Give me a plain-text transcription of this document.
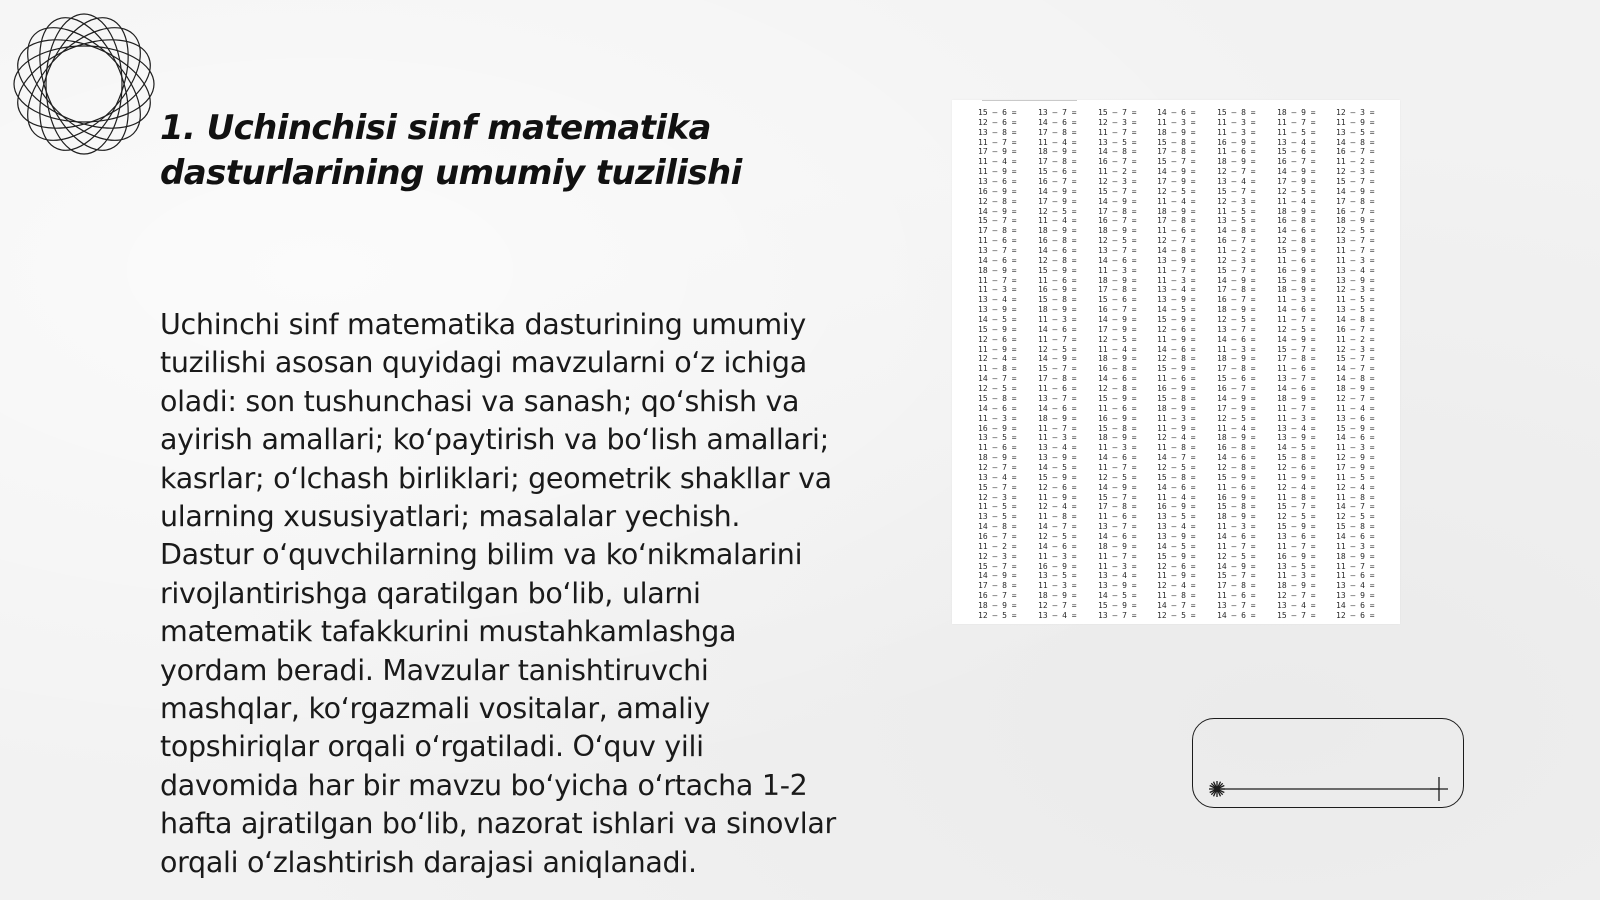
1. Uchinchisi sinf matematika dasturlarining umumiy tuzilishi

Uchinchi sinf matematika dasturining umumiy tuzilishi asosan quyidagi mavzularni oʻz ichiga oladi: son tushunchasi va sanash; qoʻshish va ayirish amallari; koʻpaytirish va boʻlish amallari; kasrlar; oʻlchash birliklari; geometrik shakllar va ularning xususiyatlari; masalalar yechish. Dastur oʻquvchilarning bilim va koʻnikmalarini rivojlantirishga qaratilgan boʻlib, ularni matematik tafakkurini mustahkamlashga yordam beradi. Mavzular tanishtiruvchi mashqlar, koʻrgazmali vositalar, amaliy topshiriqlar orqali oʻrgatiladi. Oʻquv yili davomida har bir mavzu boʻyicha oʻrtacha 1-2 hafta ajratilgan boʻlib, nazorat ishlari va sinovlar orqali oʻzlashtirish darajasi aniqlanadi.

15 – 6 =
12 – 6 =
13 – 8 =
11 – 7 =
17 – 9 =
11 – 4 =
11 – 9 =
13 – 6 =
16 – 9 =
12 – 8 =
14 – 9 =
15 – 7 =
17 – 8 =
11 – 6 =
13 – 7 =
14 – 6 =
18 – 9 =
11 – 7 =
11 – 3 =
13 – 4 =
13 – 9 =
14 – 5 =
15 – 9 =
12 – 6 =
11 – 9 =
12 – 4 =
11 – 8 =
14 – 7 =
12 – 5 =
15 – 8 =
14 – 6 =
11 – 3 =
16 – 9 =
13 – 5 =
11 – 6 =
18 – 9 =
12 – 7 =
13 – 4 =
15 – 7 =
12 – 3 =
11 – 5 =
13 – 5 =
14 – 8 =
16 – 7 =
11 – 2 =
12 – 3 =
15 – 7 =
14 – 9 =
17 – 8 =
16 – 7 =
18 – 9 =
12 – 5 =
13 – 7 =
14 – 6 =
17 – 8 =
11 – 4 =
18 – 9 =
17 – 8 =
15 – 6 =
16 – 7 =
14 – 9 =
17 – 9 =
12 – 5 =
11 – 4 =
18 – 9 =
16 – 8 =
14 – 6 =
12 – 8 =
15 – 9 =
11 – 6 =
16 – 9 =
15 – 8 =
18 – 9 =
11 – 3 =
14 – 6 =
11 – 7 =
12 – 5 =
14 – 9 =
15 – 7 =
17 – 8 =
11 – 6 =
13 – 7 =
14 – 6 =
18 – 9 =
11 – 7 =
11 – 3 =
13 – 4 =
13 – 9 =
14 – 5 =
15 – 9 =
12 – 6 =
11 – 9 =
12 – 4 =
11 – 8 =
14 – 7 =
12 – 5 =
14 – 6 =
11 – 3 =
16 – 9 =
13 – 5 =
11 – 3 =
18 – 9 =
12 – 7 =
13 – 4 =
15 – 7 =
12 – 3 =
11 – 7 =
13 – 5 =
14 – 8 =
16 – 7 =
11 – 2 =
12 – 3 =
15 – 7 =
14 – 9 =
17 – 8 =
16 – 7 =
18 – 9 =
12 – 5 =
13 – 7 =
14 – 6 =
11 – 3 =
18 – 9 =
17 – 8 =
15 – 6 =
16 – 7 =
14 – 9 =
17 – 9 =
12 – 5 =
11 – 4 =
18 – 9 =
16 – 8 =
14 – 6 =
12 – 8 =
15 – 9 =
11 – 6 =
16 – 9 =
15 – 8 =
18 – 9 =
11 – 3 =
14 – 6 =
11 – 7 =
12 – 5 =
14 – 9 =
15 – 7 =
17 – 8 =
11 – 6 =
13 – 7 =
14 – 6 =
18 – 9 =
11 – 7 =
11 – 3 =
13 – 4 =
13 – 9 =
14 – 5 =
15 – 9 =
13 – 7 =
14 – 6 =
11 – 3 =
18 – 9 =
15 – 8 =
17 – 8 =
15 – 7 =
14 – 9 =
17 – 9 =
12 – 5 =
11 – 4 =
18 – 9 =
17 – 8 =
11 – 6 =
12 – 7 =
14 – 8 =
13 – 9 =
11 – 7 =
11 – 3 =
13 – 4 =
13 – 9 =
14 – 5 =
15 – 9 =
12 – 6 =
11 – 9 =
14 – 6 =
12 – 8 =
15 – 9 =
11 – 6 =
16 – 9 =
15 – 8 =
18 – 9 =
11 – 3 =
11 – 9 =
12 – 4 =
11 – 8 =
14 – 7 =
12 – 5 =
15 – 8 =
14 – 6 =
11 – 4 =
16 – 9 =
13 – 5 =
13 – 4 =
13 – 9 =
14 – 5 =
15 – 9 =
12 – 6 =
11 – 9 =
12 – 4 =
11 – 8 =
14 – 7 =
12 – 5 =
15 – 8 =
11 – 3 =
11 – 3 =
16 – 9 =
11 – 6 =
18 – 9 =
12 – 7 =
13 – 4 =
15 – 7 =
12 – 3 =
11 – 5 =
13 – 5 =
14 – 8 =
16 – 7 =
11 – 2 =
12 – 3 =
15 – 7 =
14 – 9 =
17 – 8 =
16 – 7 =
18 – 9 =
12 – 5 =
13 – 7 =
14 – 6 =
11 – 3 =
18 – 9 =
17 – 8 =
15 – 6 =
16 – 7 =
14 – 9 =
17 – 9 =
12 – 5 =
11 – 4 =
18 – 9 =
16 – 8 =
14 – 6 =
12 – 8 =
15 – 9 =
11 – 6 =
16 – 9 =
15 – 8 =
18 – 9 =
11 – 3 =
14 – 6 =
11 – 7 =
12 – 5 =
14 – 9 =
15 – 7 =
17 – 8 =
11 – 6 =
13 – 7 =
14 – 6 =
18 – 9 =
11 – 7 =
11 – 5 =
13 – 4 =
15 – 6 =
16 – 7 =
14 – 9 =
17 – 9 =
12 – 5 =
11 – 4 =
18 – 9 =
16 – 8 =
14 – 6 =
12 – 8 =
15 – 9 =
11 – 6 =
16 – 9 =
15 – 8 =
18 – 9 =
11 – 3 =
14 – 6 =
11 – 7 =
12 – 5 =
14 – 9 =
15 – 7 =
17 – 8 =
11 – 6 =
13 – 7 =
14 – 6 =
18 – 9 =
11 – 7 =
11 – 3 =
13 – 4 =
13 – 9 =
14 – 5 =
15 – 8 =
12 – 6 =
11 – 9 =
12 – 4 =
11 – 8 =
15 – 7 =
12 – 5 =
15 – 9 =
13 – 6 =
11 – 7 =
16 – 9 =
13 – 5 =
11 – 3 =
18 – 9 =
12 – 7 =
13 – 4 =
15 – 7 =
12 – 3 =
11 – 9 =
13 – 5 =
14 – 8 =
16 – 7 =
11 – 2 =
12 – 3 =
15 – 7 =
14 – 9 =
17 – 8 =
16 – 7 =
18 – 9 =
12 – 5 =
13 – 7 =
11 – 7 =
11 – 3 =
13 – 4 =
13 – 9 =
12 – 3 =
11 – 5 =
13 – 5 =
14 – 8 =
16 – 7 =
11 – 2 =
12 – 3 =
15 – 7 =
14 – 7 =
14 – 8 =
18 – 9 =
12 – 7 =
11 – 4 =
13 – 6 =
15 – 9 =
14 – 6 =
11 – 3 =
12 – 9 =
17 – 9 =
11 – 5 =
12 – 4 =
11 – 8 =
14 – 7 =
12 – 5 =
15 – 8 =
14 – 6 =
11 – 3 =
18 – 9 =
11 – 7 =
11 – 6 =
13 – 4 =
13 – 9 =
14 – 6 =
12 – 6 =
